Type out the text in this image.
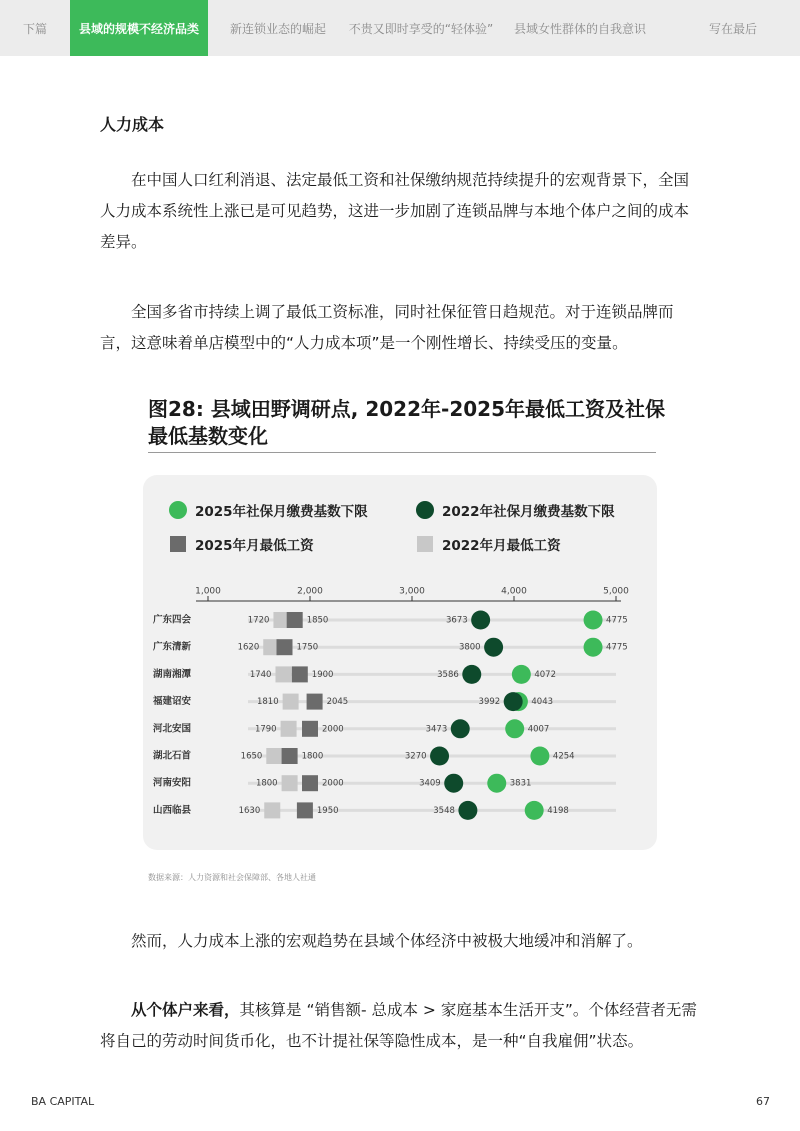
下篇	县域的规模不经济品类	新连锁业态的崛起	不贵又即时享受的“轻体验”	县域女性群体的自我意识	写在最后
人力成本

在中国人口红利消退、法定最低工资和社保缴纳规范持续提升的宏观背景下，全国人力成本系统性上涨已是可见趋势，这进一步加剧了连锁品牌与本地个体户之间的成本差异。

全国多省市持续上调了最低工资标准，同时社保征管日趋规范。对于连锁品牌而言，这意味着单店模型中的“人力成本项”是一个刚性增长、持续受压的变量。

图28: 县域田野调研点, 2022年-2025年最低工资及社保最低基数变化
2025年社保月缴费基数下限	2022年社保月缴费基数下限
2025年月最低工资	2022年月最低工资
1,000	2,000	3,000	4,000	5,000
广东四会	1720	1850	3673	4775
广东清新	1620	1750	3800	4775
湖南湘潭	1740	1900	3586	4072
福建诏安	1810	2045	3992	4043
河北安国	1790	2000	3473	4007
湖北石首	1650	1800	3270	4254
河南安阳	1800	2000	3409	3831
山西临县	1630	1950	3548	4198
数据来源：人力资源和社会保障部、各地人社通

然而，人力成本上涨的宏观趋势在县域个体经济中被极大地缓冲和消解了。

从个体户来看，其核算是 “销售额- 总成本 > 家庭基本生活开支”。个体经营者无需将自己的劳动时间货币化，也不计提社保等隐性成本，是一种“自我雇佣”状态。

BA CAPITAL	67
